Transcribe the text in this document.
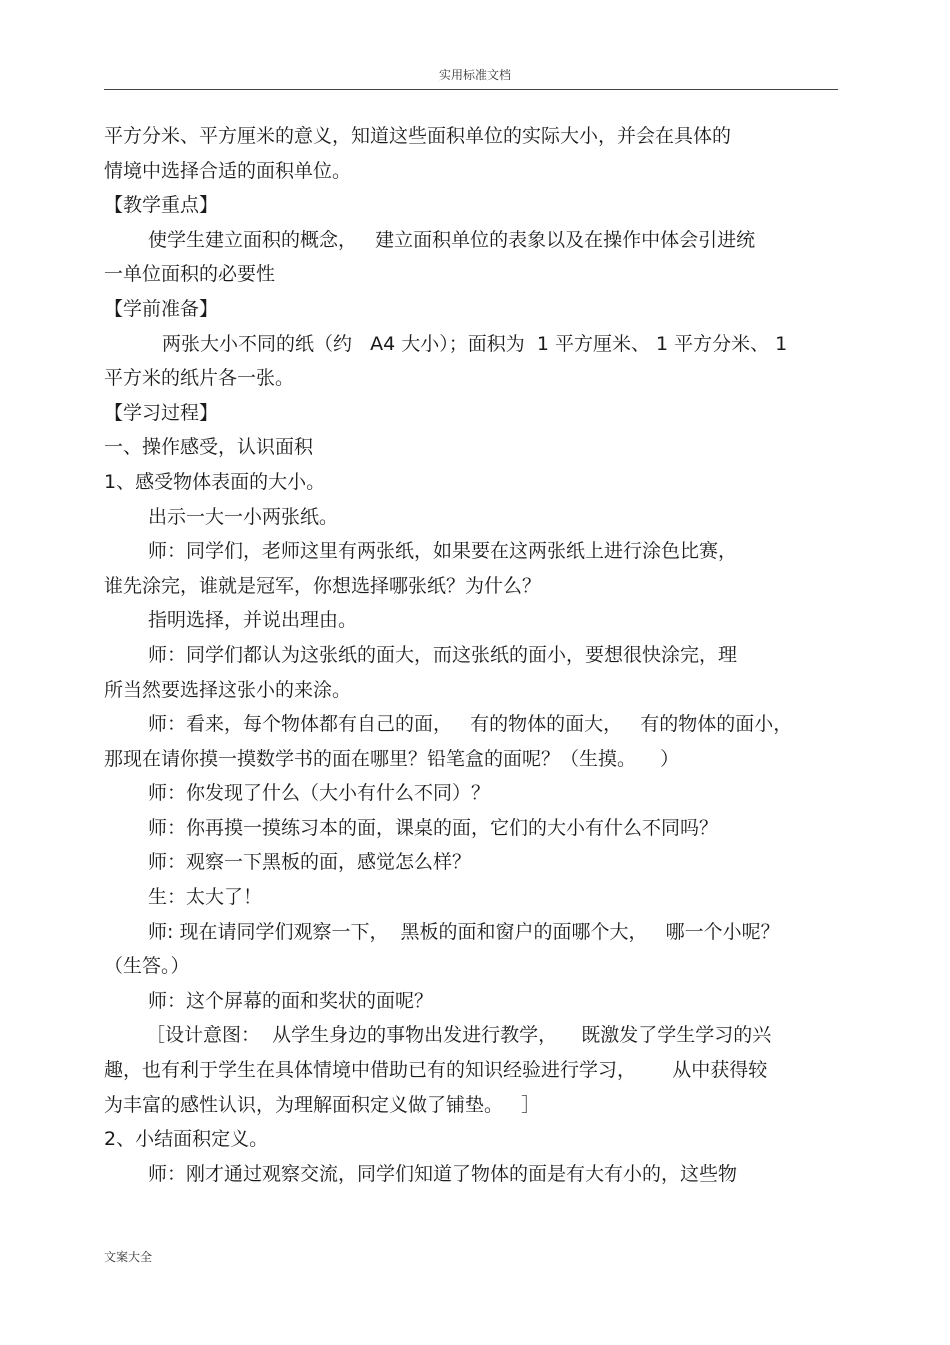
实用标准文档
平方分米、平方厘米的意义，知道这些面积单位的实际大小，并会在具体的
情境中选择合适的面积单位。
【教学重点】
使学生建立面积的概念，   建立面积单位的表象以及在操作中体会引进统
一单位面积的必要性
【学前准备】
两张大小不同的纸（约   A4 大小）；面积为  1 平方厘米、 1 平方分米、 1
平方米的纸片各一张。
【学习过程】
一、操作感受，认识面积
1、感受物体表面的大小。
出示一大一小两张纸。
师：同学们，老师这里有两张纸，如果要在这两张纸上进行涂色比赛，
谁先涂完，谁就是冠军，你想选择哪张纸？为什么？
指明选择，并说出理由。
师：同学们都认为这张纸的面大，而这张纸的面小，要想很快涂完，理
所当然要选择这张小的来涂。
师：看来，每个物体都有自己的面，   有的物体的面大，   有的物体的面小，
那现在请你摸一摸数学书的面在哪里？铅笔盒的面呢？（生摸。    ）
师：你发现了什么（大小有什么不同）？
师：你再摸一摸练习本的面，课桌的面，它们的大小有什么不同吗？
师：观察一下黑板的面，感觉怎么样？
生：太大了！
师: 现在请同学们观察一下，  黑板的面和窗户的面哪个大，   哪一个小呢？
（生答。）
师：这个屏幕的面和奖状的面呢？
［设计意图：  从学生身边的事物出发进行教学，    既激发了学生学习的兴
趣，也有利于学生在具体情境中借助已有的知识经验进行学习，      从中获得较
为丰富的感性认识，为理解面积定义做了铺垫。   ］
2、小结面积定义。
师：刚才通过观察交流，同学们知道了物体的面是有大有小的，这些物
文案大全
